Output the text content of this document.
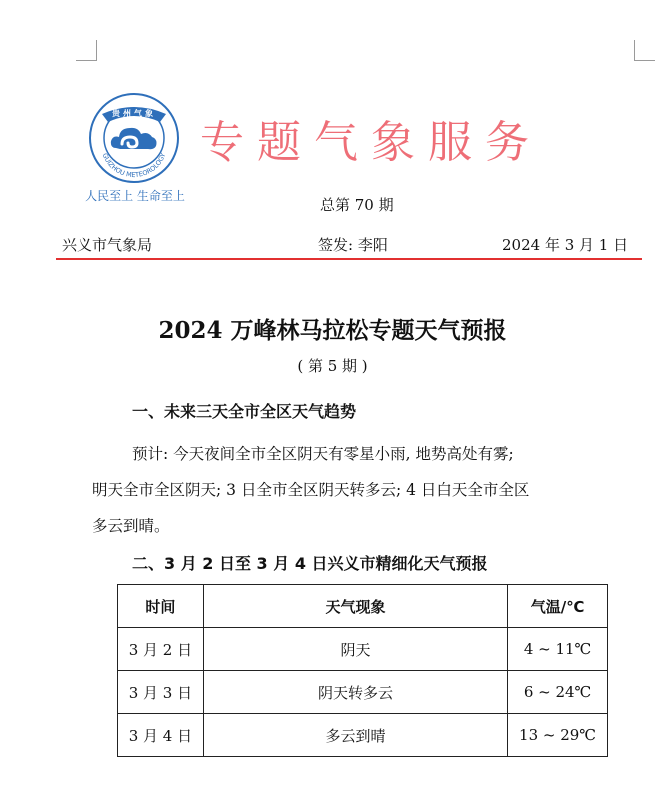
贵州气象
GUIZHOU METEOROLOGY
人民至上 生命至上
专题气象服务
总第 70 期
兴义市气象局	签发: 李阳	2024 年 3 月 1 日
2024 万峰林马拉松专题天气预报
( 第 5 期 )
一、未来三天全市全区天气趋势
预计: 今天夜间全市全区阴天有零星小雨, 地势高处有雾;
明天全市全区阴天; 3 日全市全区阴天转多云; 4 日白天全市全区
多云到晴。
二、3 月 2 日至 3 月 4 日兴义市精细化天气预报
时间	天气现象	气温/℃
3 月 2 日	阴天	4 ~ 11℃
3 月 3 日	阴天转多云	6 ~ 24℃
3 月 4 日	多云到晴	13 ~ 29℃
